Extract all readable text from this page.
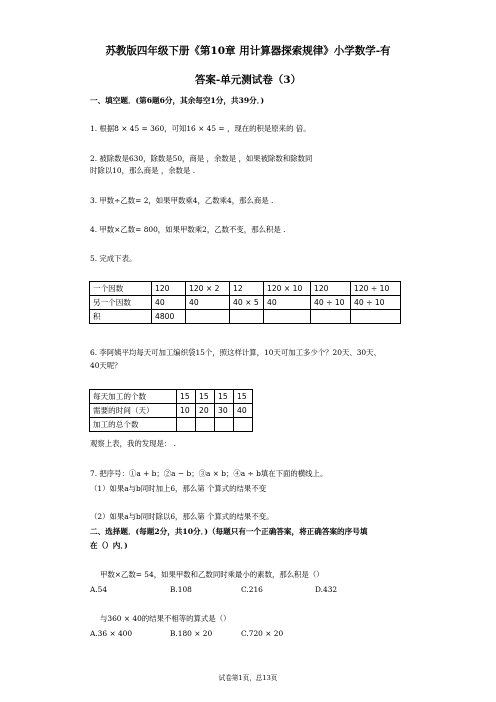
苏教版四年级下册《第10章 用计算器探索规律》小学数学-有
答案-单元测试卷（3）
一、填空题．(第6题6分，其余每空1分，共39分．)
1. 根据8 × 45 = 360，可知16 × 45 = ，现在的积是原来的 倍。
2. 被除数是630，除数是50，商是 ，余数是 ，如果被除数和除数同
时除以10，那么商是 ，余数是 .
3. 甲数÷乙数= 2，如果甲数乘4，乙数乘4，那么商是 .
4. 甲数×乙数= 800，如果甲数乘2，乙数不变，那么积是 .
5. 完成下表。
一个因数	120	120 × 2	12	120 × 10	120	120 ÷ 10
另一个因数	40	40	40 × 5	40	40 ÷ 10	40 ÷ 10
积	4800					
6. 李阿姨平均每天可加工编织袋15个，照这样计算，10天可加工多少个？20天、30天、
40天呢？
每天加工的个数	15	15	15	15
需要的时间（天）	10	20	30	40
加工的总个数				
观察上表，我的发现是： .
7. 把序号：①a + b；②a − b；③a × b；④a ÷ b填在下面的横线上。
（1）如果a与b同时加上6，那么第 个算式的结果不变
（2）如果a与b同时除以6，那么第 个算式的结果不变。
二、选择题．(每题2分，共10分．)（每题只有一个正确答案，将正确答案的序号填
在（）内．)
甲数×乙数= 54，如果甲数和乙数同时乘最小的素数，那么积是（）
A.54	B.108	C.216	D.432
与360 × 40的结果不相等的算式是（）
A.36 × 400	B.180 × 20	C.720 × 20
试卷第1页，总13页
